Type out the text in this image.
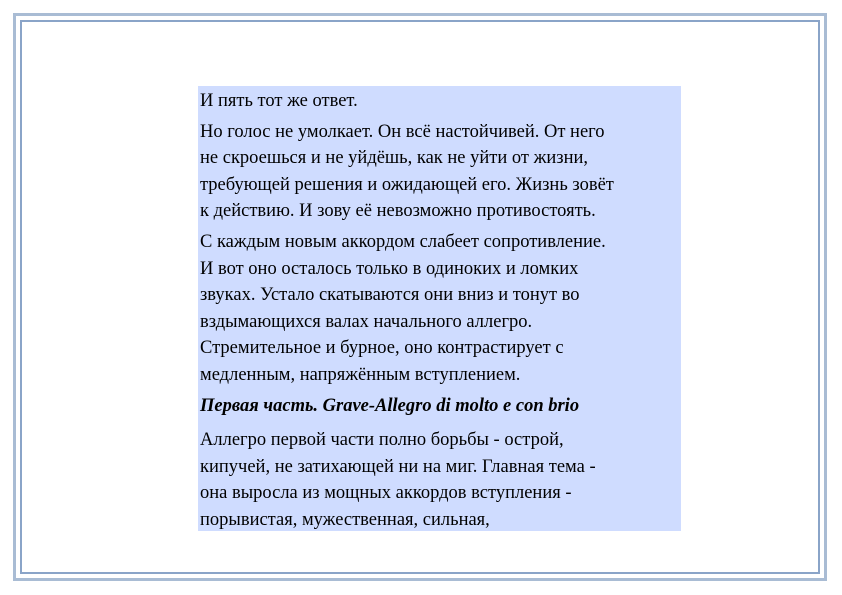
И пять тот же ответ.

Но голос не умолкает. Он всё настойчивей. От него
не скроешься и не уйдёшь, как не уйти от жизни,
требующей решения и ожидающей его. Жизнь зовёт
к действию. И зову её невозможно противостоять.

С каждым новым аккордом слабеет сопротивление.
И вот оно осталось только в одиноких и ломких
звуках. Устало скатываются они вниз и тонут во
вздымающихся валах начального аллегро.
Стремительное и бурное, оно контрастирует с
медленным, напряжённым вступлением.

Первая часть. Grave-Allegro di molto e con brio

Аллегро первой части полно борьбы - острой,
кипучей, не затихающей ни на миг. Главная тема -
она выросла из мощных аккордов вступления -
порывистая, мужественная, сильная,
